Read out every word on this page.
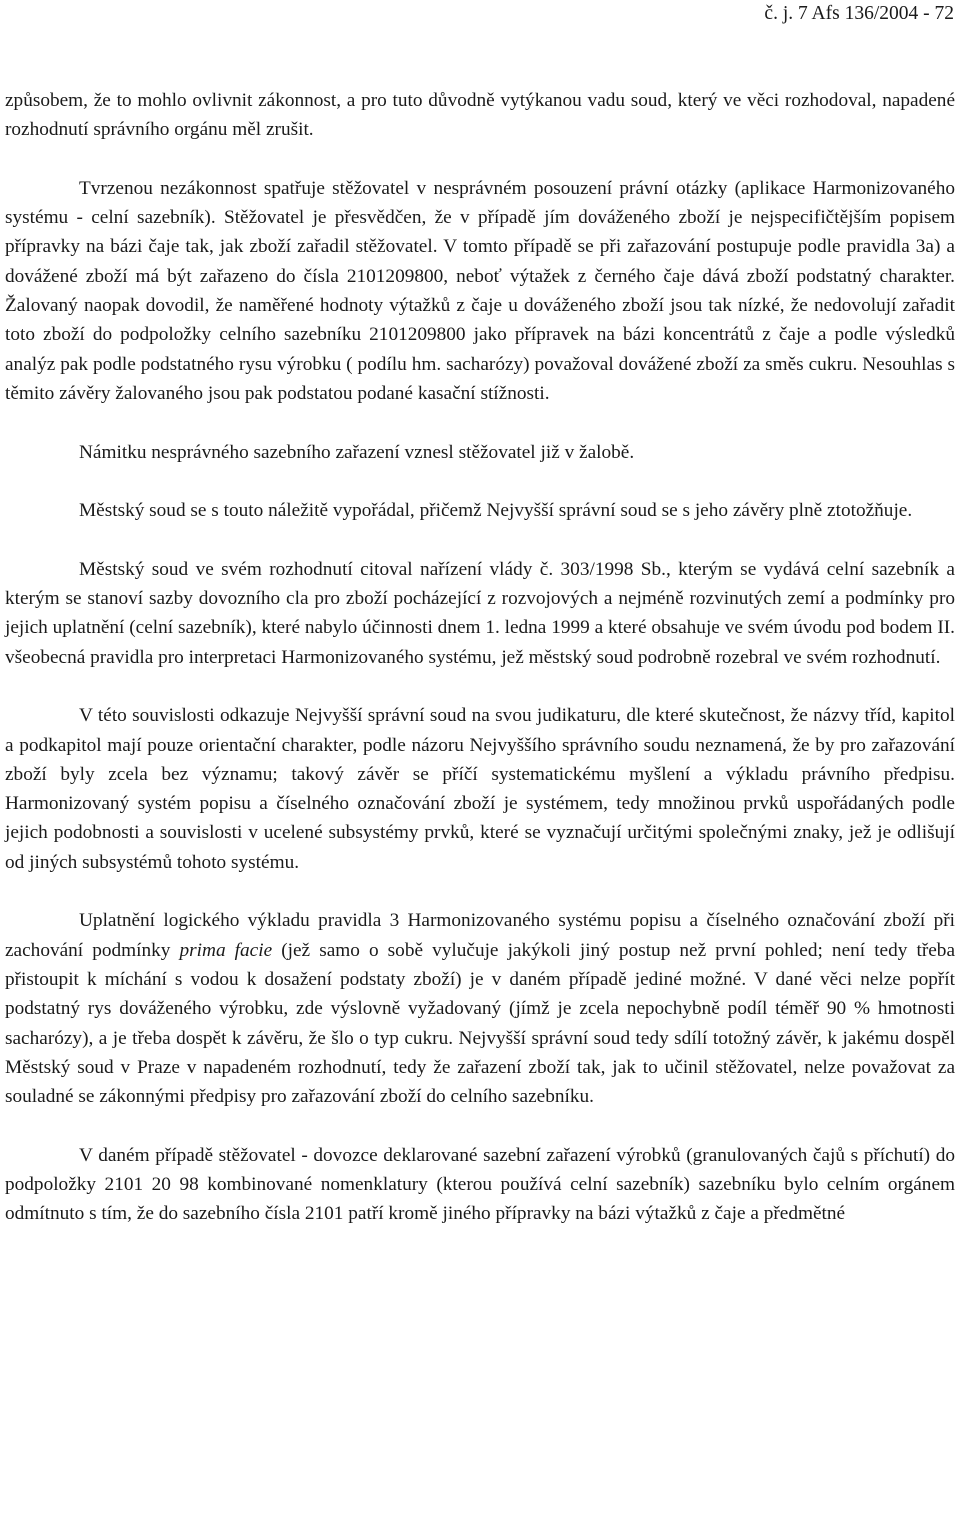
č. j. 7 Afs 136/2004 - 72

způsobem, že to mohlo ovlivnit zákonnost, a pro tuto důvodně vytýkanou vadu soud, který ve věci rozhodoval, napadené rozhodnutí správního orgánu měl zrušit.

Tvrzenou nezákonnost spatřuje stěžovatel v nesprávném posouzení právní otázky (aplikace Harmonizovaného systému - celní sazebník). Stěžovatel je přesvědčen, že v případě jím dováženého zboží je nejspecifičtějším popisem přípravky na bázi čaje tak, jak zboží zařadil stěžovatel. V tomto případě se při zařazování postupuje podle pravidla 3a) a dovážené zboží má být zařazeno do čísla 2101209800, neboť výtažek z černého čaje dává zboží podstatný charakter. Žalovaný naopak dovodil, že naměřené hodnoty výtažků z čaje u dováženého zboží jsou tak nízké, že nedovolují zařadit toto zboží do podpoložky celního sazebníku 2101209800 jako přípravek na bázi koncentrátů z čaje a podle výsledků analýz pak podle podstatného rysu výrobku ( podílu hm. sacharózy) považoval dovážené zboží za směs cukru. Nesouhlas s těmito závěry žalovaného jsou pak podstatou podané kasační stížnosti.

Námitku nesprávného sazebního zařazení vznesl stěžovatel již v žalobě.

Městský soud se s touto náležitě vypořádal, přičemž Nejvyšší správní soud se s jeho závěry plně ztotožňuje.

Městský soud ve svém rozhodnutí citoval nařízení vlády č. 303/1998 Sb., kterým se vydává celní sazebník a kterým se stanoví sazby dovozního cla pro zboží pocházející z rozvojových a nejméně rozvinutých zemí a podmínky pro jejich uplatnění (celní sazebník), které nabylo účinnosti dnem 1. ledna 1999 a které obsahuje ve svém úvodu pod bodem II. všeobecná pravidla pro interpretaci Harmonizovaného systému, jež městský soud podrobně rozebral ve svém rozhodnutí.

V této souvislosti odkazuje Nejvyšší správní soud na svou judikaturu, dle které skutečnost, že názvy tříd, kapitol a podkapitol mají pouze orientační charakter, podle názoru Nejvyššího správního soudu neznamená, že by pro zařazování zboží byly zcela bez významu; takový závěr se příčí systematickému myšlení a výkladu právního předpisu. Harmonizovaný systém popisu a číselného označování zboží je systémem, tedy množinou prvků uspořádaných podle jejich podobnosti a souvislosti v ucelené subsystémy prvků, které se vyznačují určitými společnými znaky, jež je odlišují od jiných subsystémů tohoto systému.

Uplatnění logického výkladu pravidla 3 Harmonizovaného systému popisu a číselného označování zboží při zachování podmínky prima facie (jež samo o sobě vylučuje jakýkoli jiný postup než první pohled; není tedy třeba přistoupit k míchání s vodou k dosažení podstaty zboží) je v daném případě jediné možné. V dané věci nelze popřít podstatný rys dováženého výrobku, zde výslovně vyžadovaný (jímž je zcela nepochybně podíl téměř 90 % hmotnosti sacharózy), a je třeba dospět k závěru, že šlo o typ cukru. Nejvyšší správní soud tedy sdílí totožný závěr, k jakému dospěl Městský soud v Praze v napadeném rozhodnutí, tedy že zařazení zboží tak, jak to učinil stěžovatel, nelze považovat za souladné se zákonnými předpisy pro zařazování zboží do celního sazebníku.

V daném případě stěžovatel - dovozce deklarované sazební zařazení výrobků (granulovaných čajů s příchutí) do podpoložky 2101 20 98 kombinované nomenklatury (kterou používá celní sazebník) sazebníku bylo celním orgánem odmítnuto s tím, že do sazebního čísla 2101 patří kromě jiného přípravky na bázi výtažků z čaje a předmětné
